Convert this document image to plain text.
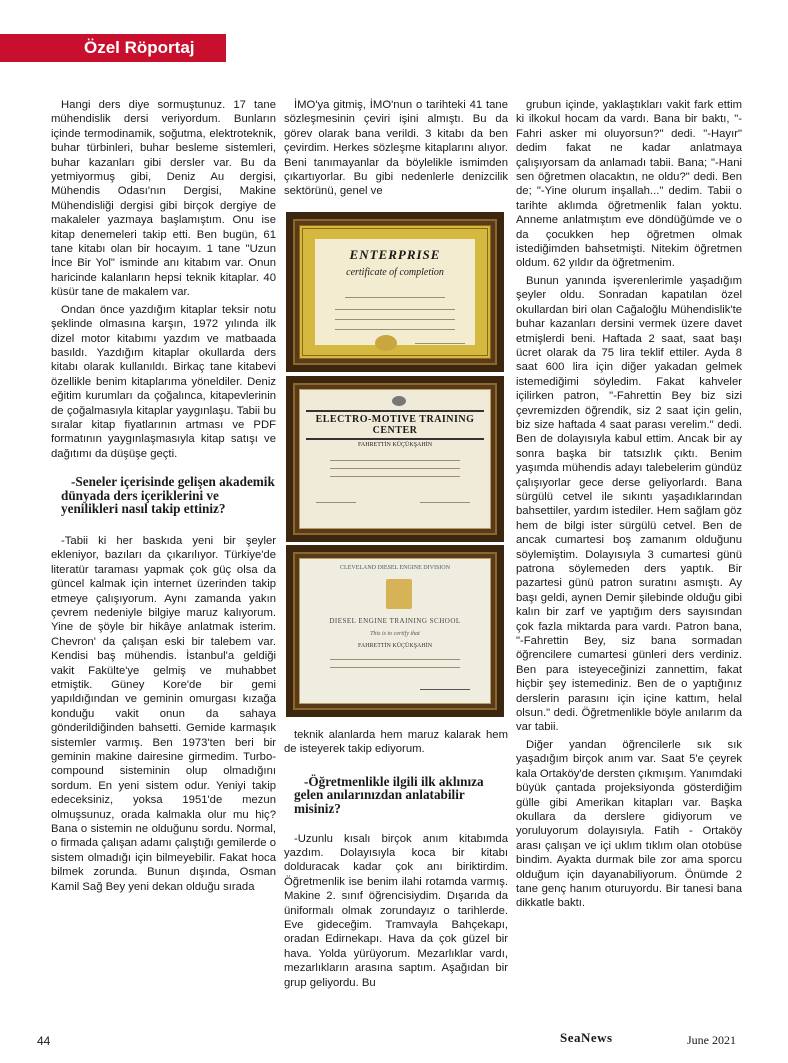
Özel Röportaj

Hangi ders diye sormuştunuz. 17 tane mühendislik dersi veriyordum. Bunların içinde termodinamik, soğutma, elektroteknik, buhar türbinleri, buhar besleme sistemleri, buhar kazanları gibi dersler var. Bu da yetmiyormuş gibi, Deniz Au dergisi, Mühendis Odası'nın Dergisi, Makine Mühendisliği dergisi gibi birçok dergiye de makaleler yazmaya başlamıştım. Onu ise kitap denemeleri takip etti. Ben bugün, 61 tane kitabı olan bir hocayım. 1 tane "Uzun İnce Bir Yol" isminde anı kitabım var. Onun haricinde kalanların hepsi teknik kitaplar. 40 küsür tane de makalem var.

Ondan önce yazdığım kitaplar teksir notu şeklinde olmasına karşın, 1972 yılında ilk dizel motor kitabımı yazdım ve matbaada basıldı. Yazdığım kitaplar okullarda ders kitabı olarak kullanıldı. Birkaç tane kitabevi özellikle benim kitaplarıma yöneldiler. Deniz eğitim kurumları da çoğalınca, kitapevlerinin de çoğalmasıyla kitaplar yaygınlaşu. Tabii bu sıralar kitap fiyatlarının artması ve PDF formatının yaygınlaşmasıyla kitap satışı ve dağıtımı da düşüşe geçti.

-Seneler içerisinde gelişen akademik dünyada ders içeriklerini ve yenilikleri nasıl takip ettiniz?

-Tabii ki her baskıda yeni bir şeyler ekleniyor, bazıları da çıkarılıyor. Türkiye'de literatür taraması yapmak çok güç olsa da güncel kalmak için internet üzerinden takip etmeye çalışıyorum. Aynı zamanda yakın çevrem nedeniyle bilgiye maruz kalıyorum. Yine de şöyle bir hikâye anlatmak isterim. Chevron' da çalışan eski bir talebem var. Kendisi baş mühendis. İstanbul'a geldiği vakit Fakülte'ye gelmiş ve muhabbet etmiştik. Güney Kore'de bir gemi yapıldığından ve geminin omurgası kızağa konduğu vakit onun da sahaya gönderildiğinden bahsetti. Gemide karmaşık sistemler varmış. Ben 1973'ten beri bir geminin makine dairesine girmedim. Turbo-compound sisteminin olup olmadığını sordum. En yeni sistem odur. Yeniyi takip edeceksiniz, yoksa 1951'de mezun olmuşsunuz, orada kalmakla olur mu hiç? Bana o sistemin ne olduğunu sordu. Normal, o firmada çalışan adamı çalıştığı gemilerde o sistem olmadığı için bilmeyebilir. Fakat hoca bilmek zorunda. Bunun dışında, Osman Kamil Sağ Bey yeni dekan olduğu sırada

İMO'ya gitmiş, İMO'nun o tarihteki 41 tane sözleşmesinin çeviri işini almıştı. Bu da görev olarak bana verildi. 3 kitabı da ben çevirdim. Herkes sözleşme kitaplarını alıyor. Beni tanımayanlar da böylelikle ismimden çıkartıyorlar. Bu gibi nedenlerle denizcilik sektörünü, genel ve

ENTERPRISE
certificate of completion
ELECTRO-MOTIVE TRAINING CENTER
FAHRETTİN KÜÇÜKŞAHİN
CLEVELAND DIESEL ENGINE DIVISION
DIESEL ENGINE TRAINING SCHOOL
This is to certify that
FAHRETTİN KÜÇÜKŞAHİN

teknik alanlarda hem maruz kalarak hem de isteyerek takip ediyorum.

-Öğretmenlikle ilgili ilk aklınıza gelen anılarınızdan anlatabilir misiniz?

-Uzunlu kısalı birçok anım kitabımda yazdım. Dolayısıyla koca bir kitabı dolduracak kadar çok anı biriktirdim. Öğretmenlik ise benim ilahi rotamda varmış. Makine 2. sınıf öğrencisiydim. Dışarıda da üniformalı olmak zorundayız o tarihlerde. Eve gideceğim. Tramvayla Bahçekapı, oradan Edirnekapı. Hava da çok güzel bir hava. Yolda yürüyorum. Mezarlıklar vardı, mezarlıkların arasına saptım. Aşağıdan bir grup geliyordu. Bu

grubun içinde, yaklaştıkları vakit fark ettim ki ilkokul hocam da vardı. Bana bir baktı, "-Fahri asker mi oluyorsun?" dedi. "-Hayır" dedim fakat ne kadar anlatmaya çalışıyorsam da anlamadı tabii. Bana; "-Hani sen öğretmen olacaktın, ne oldu?" dedi. Ben de; "-Yine olurum inşallah..." dedim. Tabii o tarihte aklımda öğretmenlik falan yoktu. Anneme anlatmıştım eve döndüğümde ve o da çocukken hep öğretmen olmak istediğimden bahsetmişti. Nitekim öğretmen oldum. 62 yıldır da öğretmenim.

Bunun yanında işverenlerimle yaşadığım şeyler oldu. Sonradan kapatılan özel okullardan biri olan Cağaloğlu Mühendislik'te buhar kazanları dersini vermek üzere davet etmişlerdi beni. Haftada 2 saat, saat başı ücret olarak da 75 lira teklif ettiler. Ayda 8 saat 600 lira için diğer yakadan gelmek istemediğimi söyledim. Fakat kahveler içilirken patron, "-Fahrettin Bey biz sizi çevremizden öğrendik, siz 2 saat için gelin, biz size haftada 4 saat parası verelim." dedi. Ben de dolayısıyla kabul ettim. Ancak bir ay sonra başka bir tatsızlık çıktı. Benim yaşımda mühendis adayı talebelerim gündüz çalışıyorlar gece derse geliyorlardı. Bana sürgülü cetvel ile sıkıntı yaşadıklarından bahsettiler, yardım istediler. Hem sağlam göz hem de bilgi ister sürgülü cetvel. Ben de ancak cumartesi boş zamanım olduğunu söylemiştim. Dolayısıyla 3 cumartesi günü patrona söylemeden ders yaptık. Bir pazartesi günü patron suratını asmıştı. Ay başı geldi, aynen Demir şilebinde olduğu gibi kalın bir zarf ve yaptığım ders sayısından çok fazla miktarda para vardı. Patron bana, "-Fahrettin Bey, siz bana sormadan öğrencilere cumartesi günleri ders verdiniz. Ben para isteyeceğinizi zannettim, fakat hiçbir şey istemediniz. Ben de o yaptığınız derslerin parasını için içine kattım, helal olsun." dedi. Öğretmenlikle böyle anılarım da var tabii.

Diğer yandan öğrencilerle sık sık yaşadığım birçok anım var. Saat 5'e çeyrek kala Ortaköy'de dersten çıkmışım. Yanımdaki büyük çantada projeksiyonda gösterdiğim gülle gibi Amerikan kitapları var. Başka okullara da derslere gidiyorum ve yoruluyorum dolayısıyla. Fatih - Ortaköy arası çalışan ve içi uklım tıklım olan otobüse bindim. Ayakta durmak bile zor ama sporcu olduğum için dayanabiliyorum. Önümde 2 tane genç hanım oturuyordu. Bir tanesi bana dikkatle baktı.

44	SeaNews	June 2021
